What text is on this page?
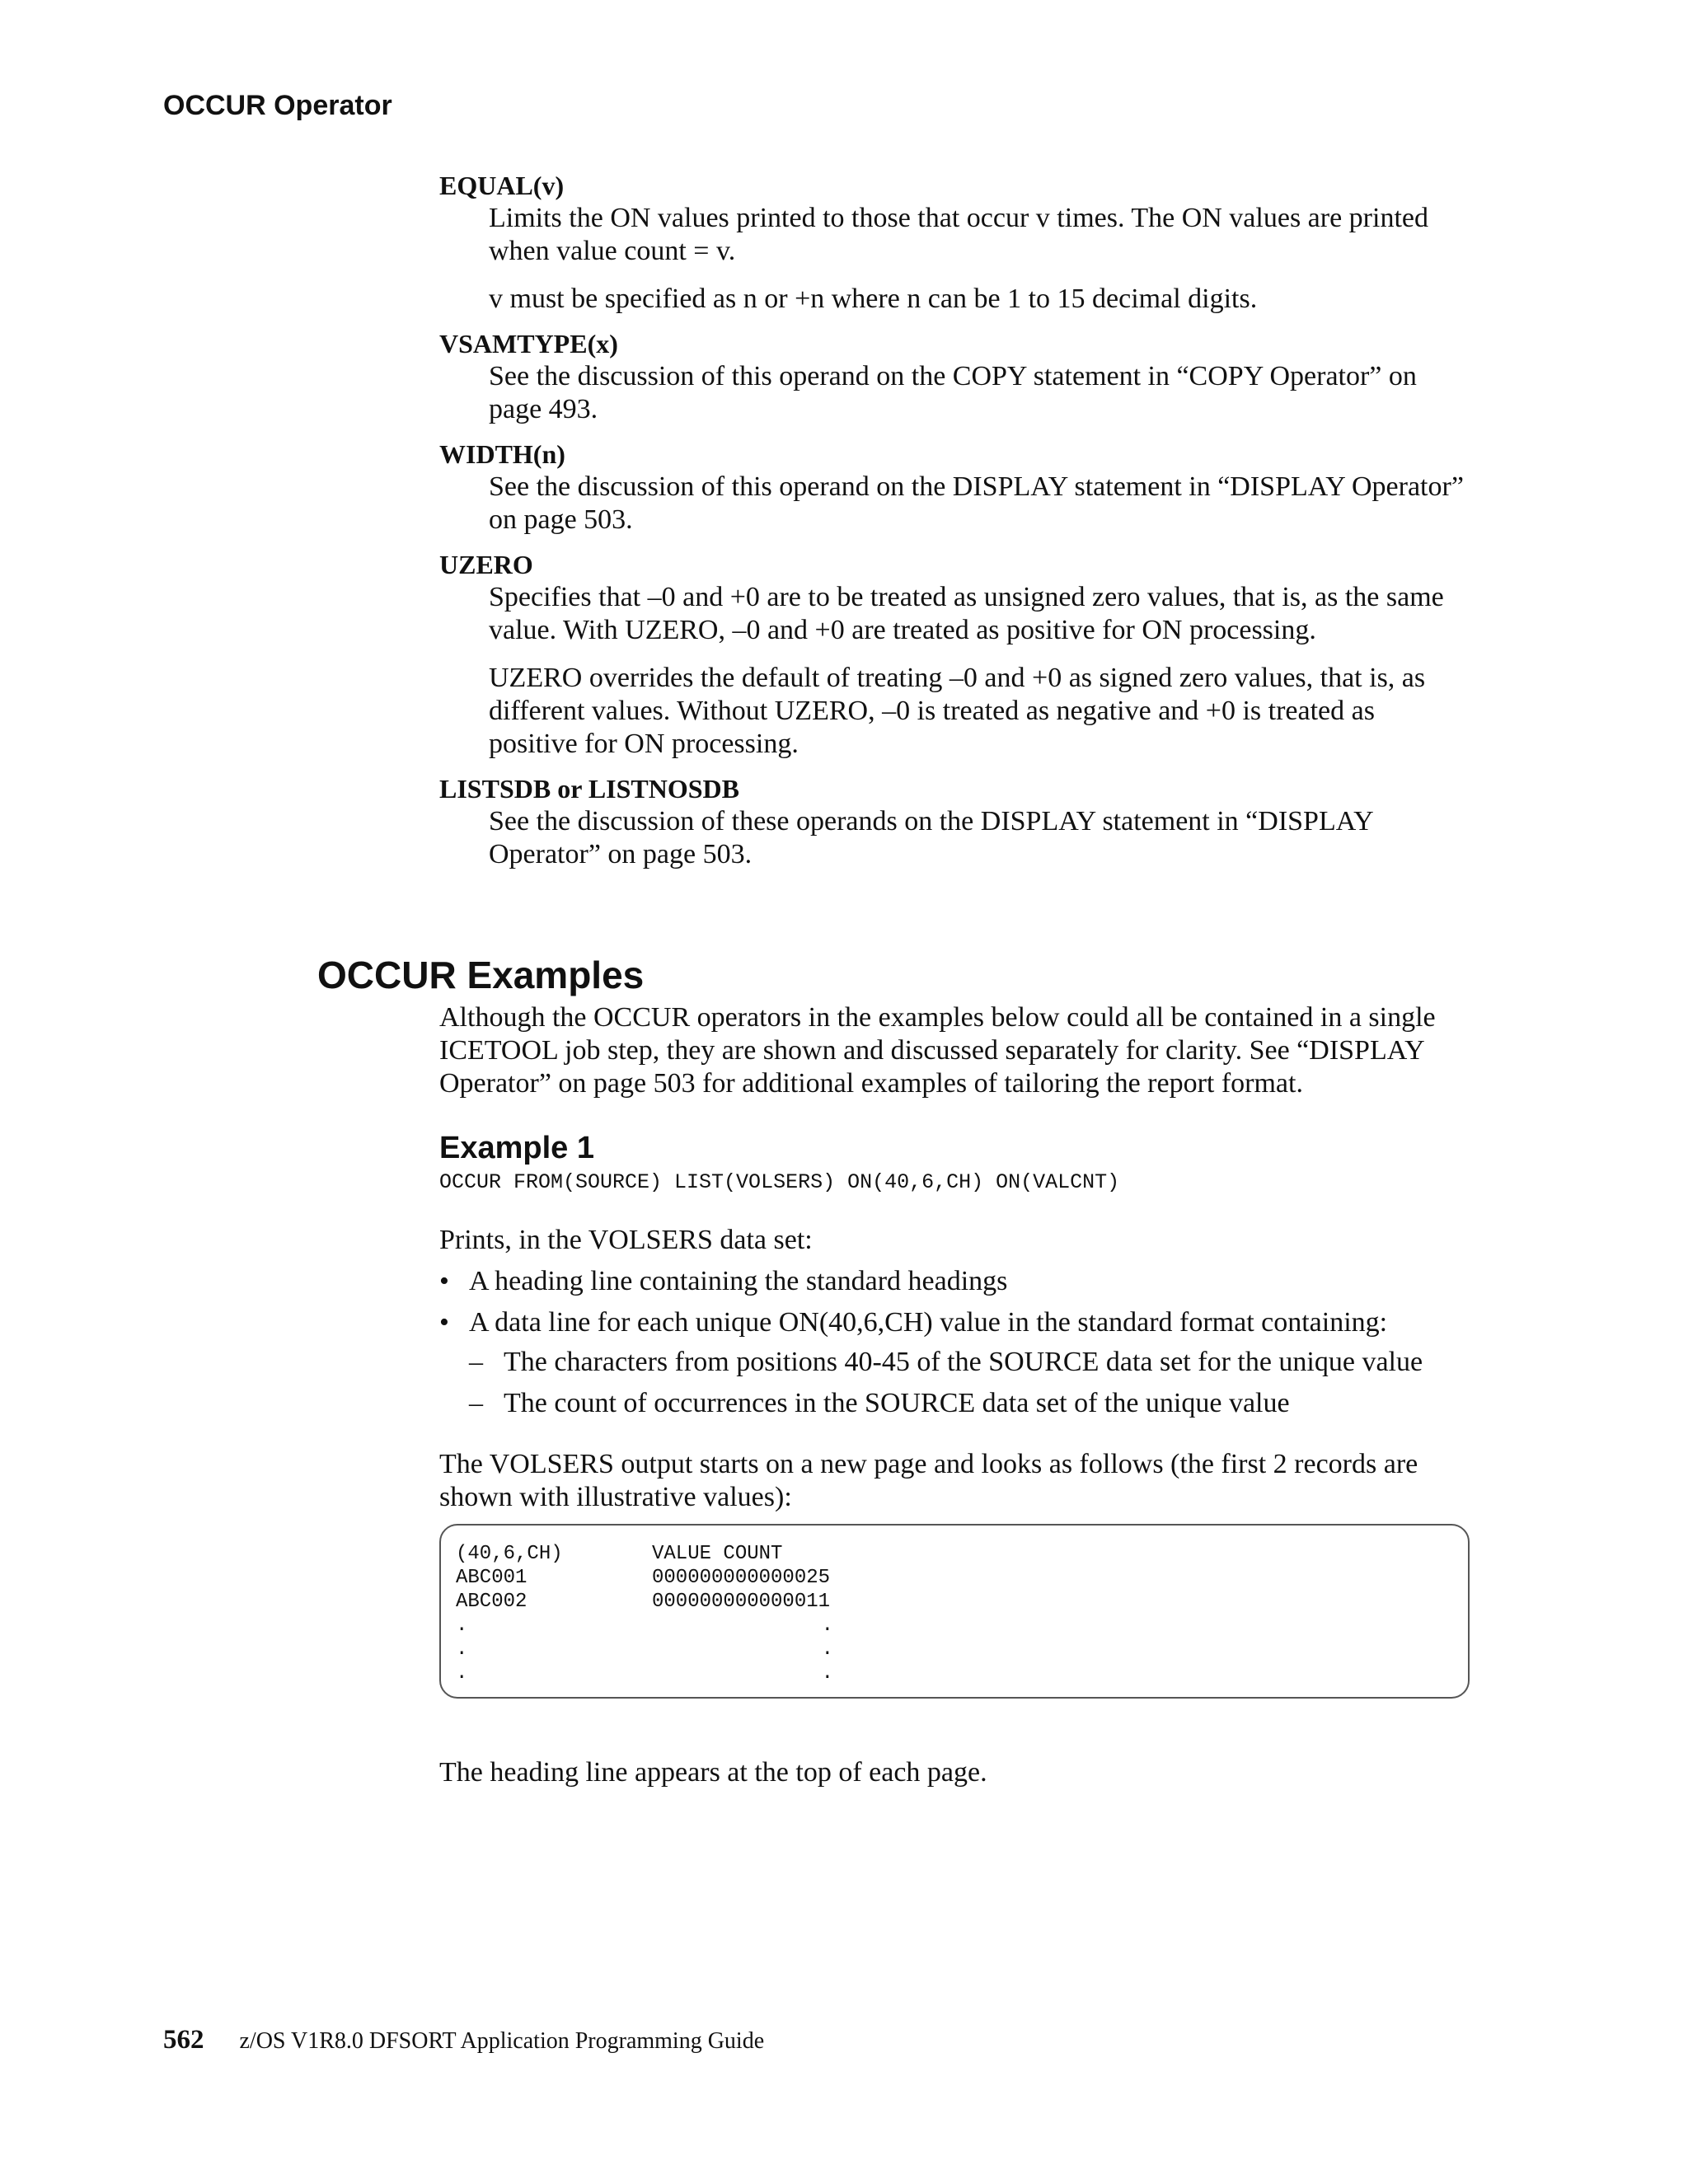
OCCUR Operator

EQUAL(v)

Limits the ON values printed to those that occur v times. The ON values are printed when value count = v.

v must be specified as n or +n where n can be 1 to 15 decimal digits.

VSAMTYPE(x)

See the discussion of this operand on the COPY statement in “COPY Operator” on page 493.

WIDTH(n)

See the discussion of this operand on the DISPLAY statement in “DISPLAY Operator” on page 503.

UZERO

Specifies that –0 and +0 are to be treated as unsigned zero values, that is, as the same value. With UZERO, –0 and +0 are treated as positive for ON processing.

UZERO overrides the default of treating –0 and +0 as signed zero values, that is, as different values. Without UZERO, –0 is treated as negative and +0 is treated as positive for ON processing.

LISTSDB or LISTNOSDB

See the discussion of these operands on the DISPLAY statement in “DISPLAY Operator” on page 503.

OCCUR Examples

Although the OCCUR operators in the examples below could all be contained in a single ICETOOL job step, they are shown and discussed separately for clarity. See “DISPLAY Operator” on page 503 for additional examples of tailoring the report format.

Example 1

OCCUR FROM(SOURCE) LIST(VOLSERS) ON(40,6,CH) ON(VALCNT)

Prints, in the VOLSERS data set:

• A heading line containing the standard headings
• A data line for each unique ON(40,6,CH) value in the standard format containing:
– The characters from positions 40-45 of the SOURCE data set for the unique value
– The count of occurrences in the SOURCE data set of the unique value

The VOLSERS output starts on a new page and looks as follows (the first 2 records are shown with illustrative values):

(40,6,CH)	VALUE COUNT
ABC001	000000000000025
ABC002	000000000000011
.	.
.	.
.	.

The heading line appears at the top of each page.

562 z/OS V1R8.0 DFSORT Application Programming Guide
